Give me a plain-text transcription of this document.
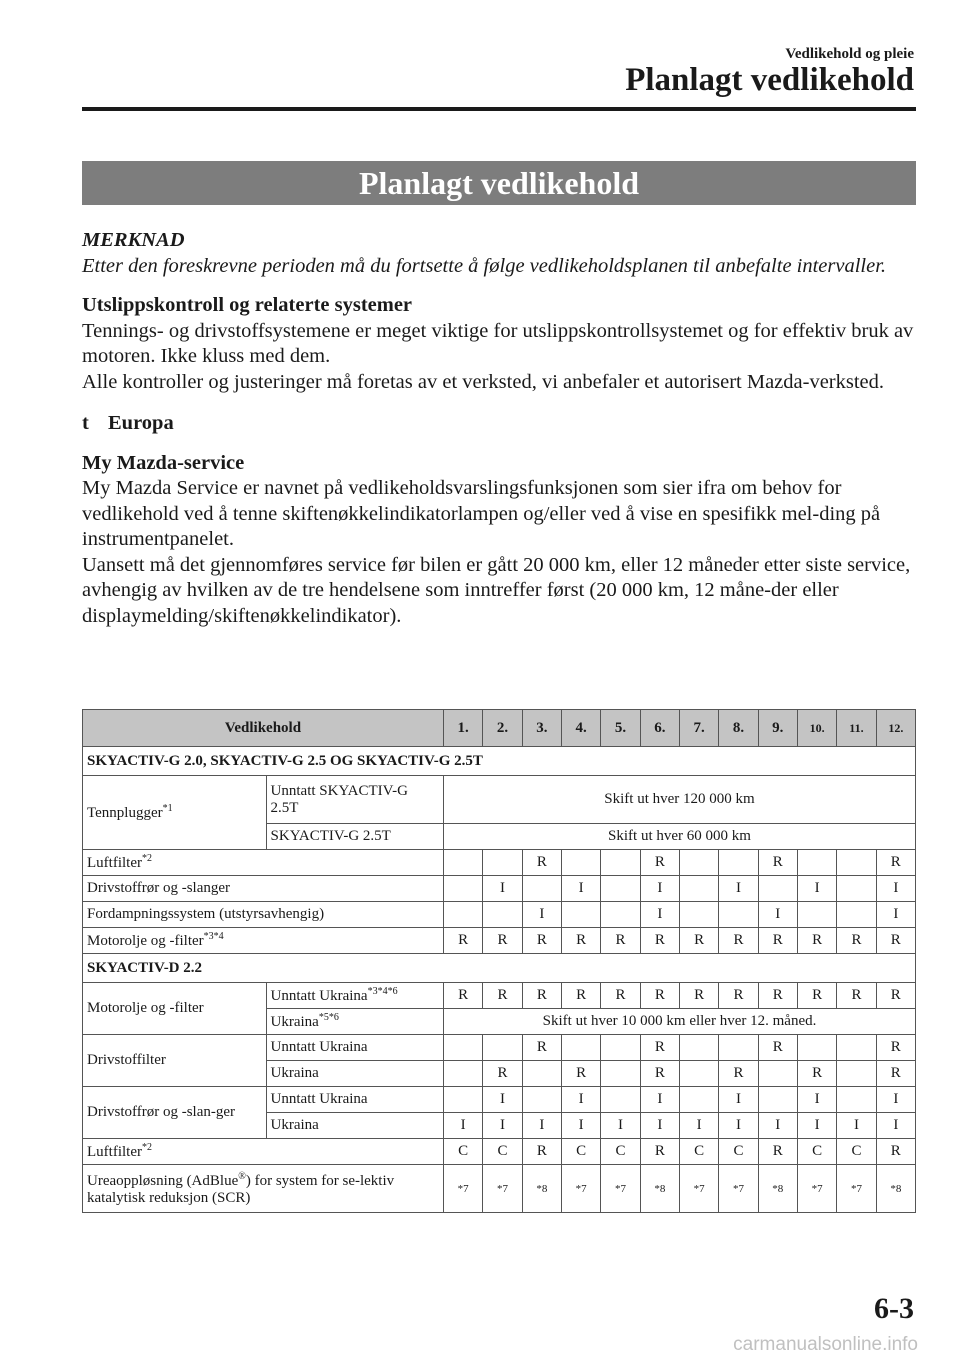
Vedlikehold og pleie
Planlagt vedlikehold
Planlagt vedlikehold

MERKNAD

Etter den foreskrevne perioden må du fortsette å følge vedlikeholdsplanen til anbefalte intervaller.

Utslippskontroll og relaterte systemer

Tennings- og drivstoffsystemene er meget viktige for utslippskontrollsystemet og for effektiv bruk av motoren. Ikke kluss med dem.

Alle kontroller og justeringer må foretas av et verksted, vi anbefaler et autorisert Mazda-verksted.

t Europa

My Mazda-service

My Mazda Service er navnet på vedlikeholdsvarslingsfunksjonen som sier ifra om behov for vedlikehold ved å tenne skiftenøkkelindikatorlampen og/eller ved å vise en spesifikk mel-ding på instrumentpanelet.

Uansett må det gjennomføres service før bilen er gått 20 000 km, eller 12 måneder etter siste service, avhengig av hvilken av de tre hendelsene som inntreffer først (20 000 km, 12 måne-der eller displaymelding/skiftenøkkelindikator).

Vedlikehold		1.	2.	3.	4.	5.	6.	7.	8.	9.	10.	11.	12.
SKYACTIV-G 2.0, SKYACTIV-G 2.5 OG SKYACTIV-G 2.5T													
Tennplugger$^{*1}$	Unntatt SKYACTIV-G 2.5T	Skift ut hver 120 000 km											
	SKYACTIV-G 2.5T	Skift ut hver 60 000 km											
Luftfilter$^{*2}$				R			R			R			R
Drivstoffrør og -slanger			I		I		I		I		I		I
Fordampningssystem (utstyrsavhengig)				I			I			I			I
Motorolje og -filter$^{*3*4}$		R	R	R	R	R	R	R	R	R	R	R	R
SKYACTIV-D 2.2													
Motorolje og -filter	Unntatt Ukraina$^{*3*4*6}$	R	R	R	R	R	R	R	R	R	R	R	R
	Ukraina$^{*5*6}$	Skift ut hver 10 000 km eller hver 12. måned.											
Drivstoffilter	Unntatt Ukraina			R			R			R			R
	Ukraina		R		R		R		R		R		R
Drivstoffrør og -slan-ger	Unntatt Ukraina		I		I		I		I		I		I
	Ukraina	I	I	I	I	I	I	I	I	I	I	I	I
Luftfilter$^{*2}$		C	C	R	C	C	R	C	C	R	C	C	R
Ureaoppløsning (AdBlue®) for system for se-lektiv katalytisk reduksjon (SCR)		*7	*7	*8	*7	*7	*8	*7	*7	*8	*7	*7	*8
6-3
carmanualsonline.info
